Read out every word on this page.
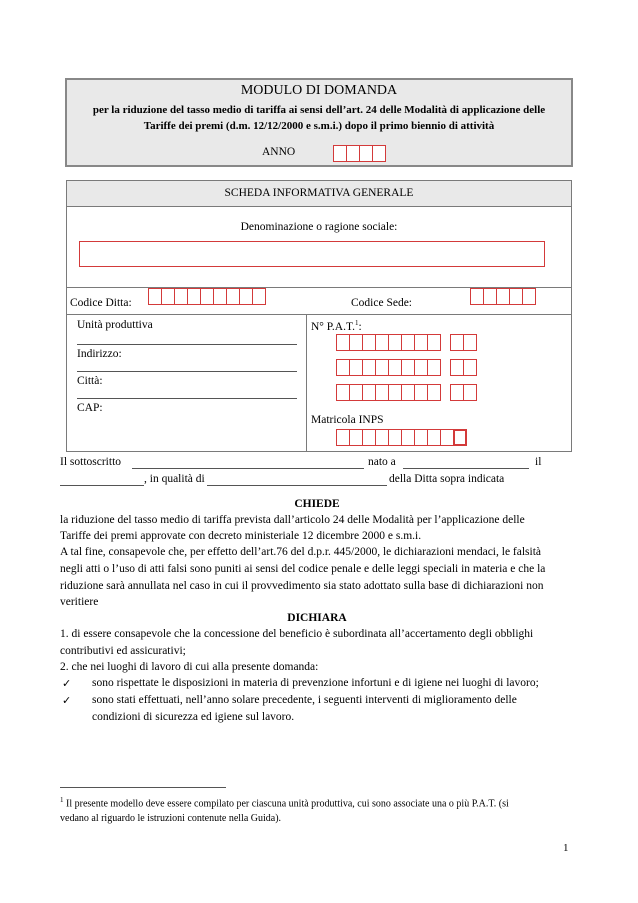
MODULO DI DOMANDA
per la riduzione del tasso medio di tariffa ai sensi dell’art. 24 delle Modalità di applicazione delle
Tariffe dei premi (d.m. 12/12/2000 e s.m.i.) dopo il primo biennio di attività
ANNO
SCHEDA INFORMATIVA GENERALE
Denominazione o ragione sociale:
Codice Ditta:	Codice Sede:
Unità produttiva
Indirizzo:
Città:
CAP:
N° P.A.T.$^1$:
Matricola INPS
Il sottoscritto	nato a	il
, in qualità di	della Ditta sopra indicata
CHIEDE
la riduzione del tasso medio di tariffa prevista dall’articolo 24 delle Modalità per l’applicazione delle
Tariffe dei premi approvate con decreto ministeriale 12 dicembre 2000 e s.m.i.
A tal fine, consapevole che, per effetto dell’art.76 del d.p.r. 445/2000, le dichiarazioni mendaci, le falsità
negli atti o l’uso di atti falsi sono puniti ai sensi del codice penale e delle leggi speciali in materia e che la
riduzione sarà annullata nel caso in cui il provvedimento sia stato adottato sulla base di dichiarazioni non
veritiere
DICHIARA
1. di essere consapevole che la concessione del beneficio è subordinata all’accertamento degli obblighi
contributivi ed assicurativi;
2. che nei luoghi di lavoro di cui alla presente domanda:
✓ sono rispettate le disposizioni in materia di prevenzione infortuni e di igiene nei luoghi di lavoro;
✓ sono stati effettuati, nell’anno solare precedente, i seguenti interventi di miglioramento delle
condizioni di sicurezza ed igiene sul lavoro.
$^1$ Il presente modello deve essere compilato per ciascuna unità produttiva, cui sono associate una o più P.A.T. (si
vedano al riguardo le istruzioni contenute nella Guida).
1
